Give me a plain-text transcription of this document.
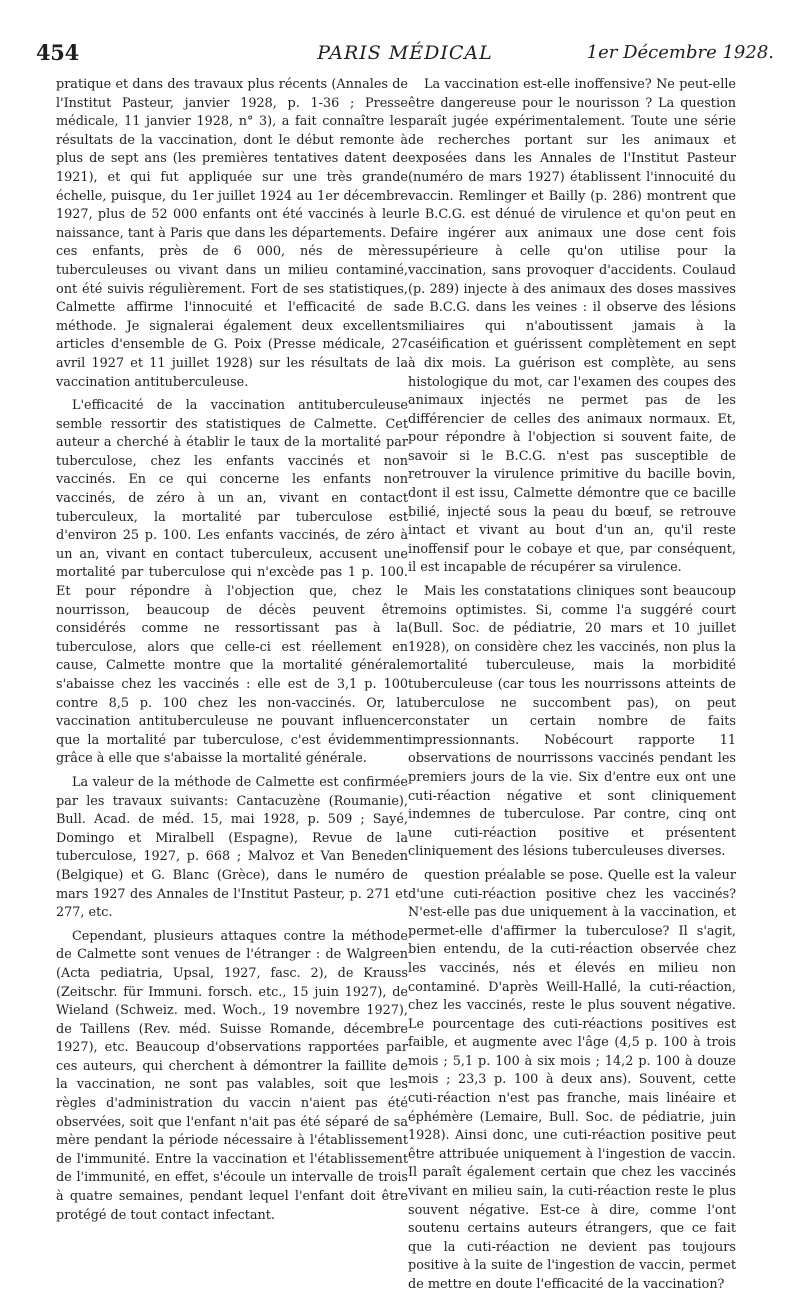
454	PARIS MÉDICAL	1er Décembre 1928.

pratique et dans des travaux plus récents (Annales de l'Institut Pasteur, janvier 1928, p. 1-36 ; Presse médicale, 11 janvier 1928, n° 3), a fait connaître les résultats de la vaccination, dont le début remonte à plus de sept ans (les premières tentatives datent de 1921), et qui fut appliquée sur une très grande échelle, puisque, du 1er juillet 1924 au 1er décembre 1927, plus de 52 000 enfants ont été vaccinés à leur naissance, tant à Paris que dans les départements. De ces enfants, près de 6 000, nés de mères tuberculeuses ou vivant dans un milieu contaminé, ont été suivis régulièrement. Fort de ses statistiques, Calmette affirme l'innocuité et l'efficacité de sa méthode. Je signalerai également deux excellents articles d'ensemble de G. Poix (Presse médicale, 27 avril 1927 et 11 juillet 1928) sur les résultats de la vaccination antituberculeuse.

L'efficacité de la vaccination antituberculeuse semble ressortir des statistiques de Calmette. Cet auteur a cherché à établir le taux de la mortalité par tuberculose, chez les enfants vaccinés et non vaccinés. En ce qui concerne les enfants non vaccinés, de zéro à un an, vivant en contact tuberculeux, la mortalité par tuberculose est d'environ 25 p. 100. Les enfants vaccinés, de zéro à un an, vivant en contact tuberculeux, accusent une mortalité par tuberculose qui n'excède pas 1 p. 100. Et pour répondre à l'objection que, chez le nourrisson, beaucoup de décès peuvent être considérés comme ne ressortissant pas à la tuberculose, alors que celle-ci est réellement en cause, Calmette montre que la mortalité générale s'abaisse chez les vaccinés : elle est de 3,1 p. 100 contre 8,5 p. 100 chez les non-vaccinés. Or, la vaccination antituberculeuse ne pouvant influencer que la mortalité par tuberculose, c'est évidemment grâce à elle que s'abaisse la mortalité générale.

La valeur de la méthode de Calmette est confirmée par les travaux suivants: Cantacuzène (Roumanie), Bull. Acad. de méd. 15, mai 1928, p. 509 ; Sayé, Domingo et Miralbell (Espagne), Revue de la tuberculose, 1927, p. 668 ; Malvoz et Van Beneden (Belgique) et G. Blanc (Grèce), dans le numéro de mars 1927 des Annales de l'Institut Pasteur, p. 271 et 277, etc.

Cependant, plusieurs attaques contre la méthode de Calmette sont venues de l'étranger : de Walgreen (Acta pediatria, Upsal, 1927, fasc. 2), de Krauss (Zeitschr. für Immuni. forsch. etc., 15 juin 1927), de Wieland (Schweiz. med. Woch., 19 novembre 1927), de Taillens (Rev. méd. Suisse Romande, décembre 1927), etc. Beaucoup d'observations rapportées par ces auteurs, qui cherchent à démontrer la faillite de la vaccination, ne sont pas valables, soit que les règles d'administration du vaccin n'aient pas été observées, soit que l'enfant n'ait pas été séparé de sa mère pendant la période nécessaire à l'établissement de l'immunité. Entre la vaccination et l'établissement de l'immunité, en effet, s'écoule un intervalle de trois à quatre semaines, pendant lequel l'enfant doit être protégé de tout contact infectant.

La vaccination est-elle inoffensive? Ne peut-elle être dangereuse pour le nourisson ? La question paraît jugée expérimentalement. Toute une série de recherches portant sur les animaux et exposées dans les Annales de l'Institut Pasteur (numéro de mars 1927) établissent l'innocuité du vaccin. Remlinger et Bailly (p. 286) montrent que le B.C.G. est dénué de virulence et qu'on peut en faire ingérer aux animaux une dose cent fois supérieure à celle qu'on utilise pour la vaccination, sans provoquer d'accidents. Coulaud (p. 289) injecte à des animaux des doses massives de B.C.G. dans les veines : il observe des lésions miliaires qui n'aboutissent jamais à la caséification et guérissent complètement en sept à dix mois. La guérison est complète, au sens histologique du mot, car l'examen des coupes des animaux injectés ne permet pas de les différencier de celles des animaux normaux. Et, pour répondre à l'objection si souvent faite, de savoir si le B.C.G. n'est pas susceptible de retrouver la virulence primitive du bacille bovin, dont il est issu, Calmette démontre que ce bacille bilié, injecté sous la peau du bœuf, se retrouve intact et vivant au bout d'un an, qu'il reste inoffensif pour le cobaye et que, par conséquent, il est incapable de récupérer sa virulence.

Mais les constatations cliniques sont beaucoup moins optimistes. Si, comme l'a suggéré court (Bull. Soc. de pédiatrie, 20 mars et 10 juillet 1928), on considère chez les vaccinés, non plus la mortalité tuberculeuse, mais la morbidité tuberculeuse (car tous les nourrissons atteints de tuberculose ne succombent pas), on peut constater un certain nombre de faits impressionnants. Nobécourt rapporte 11 observations de nourrissons vaccinés pendant les premiers jours de la vie. Six d'entre eux ont une cuti-réaction négative et sont cliniquement indemnes de tuberculose. Par contre, cinq ont une cuti-réaction positive et présentent cliniquement des lésions tuberculeuses diverses.

question préalable se pose. Quelle est la valeur d'une cuti-réaction positive chez les vaccinés? N'est-elle pas due uniquement à la vaccination, et permet-elle d'affirmer la tuberculose? Il s'agit, bien entendu, de la cuti-réaction observée chez les vaccinés, nés et élevés en milieu non contaminé. D'après Weill-Hallé, la cuti-réaction, chez les vaccinés, reste le plus souvent négative. Le pourcentage des cuti-réactions positives est faible, et augmente avec l'âge (4,5 p. 100 à trois mois ; 5,1 p. 100 à six mois ; 14,2 p. 100 à douze mois ; 23,3 p. 100 à deux ans). Souvent, cette cuti-réaction n'est pas franche, mais linéaire et éphémère (Lemaire, Bull. Soc. de pédiatrie, juin 1928). Ainsi donc, une cuti-réaction positive peut être attribuée uniquement à l'ingestion de vaccin. Il paraît également certain que chez les vaccinés vivant en milieu sain, la cuti-réaction reste le plus souvent négative. Est-ce à dire, comme l'ont soutenu certains auteurs étrangers, que ce fait que la cuti-réaction ne devient pas toujours positive à la suite de l'ingestion de vaccin, permet de mettre en doute l'efficacité de la vaccination?
